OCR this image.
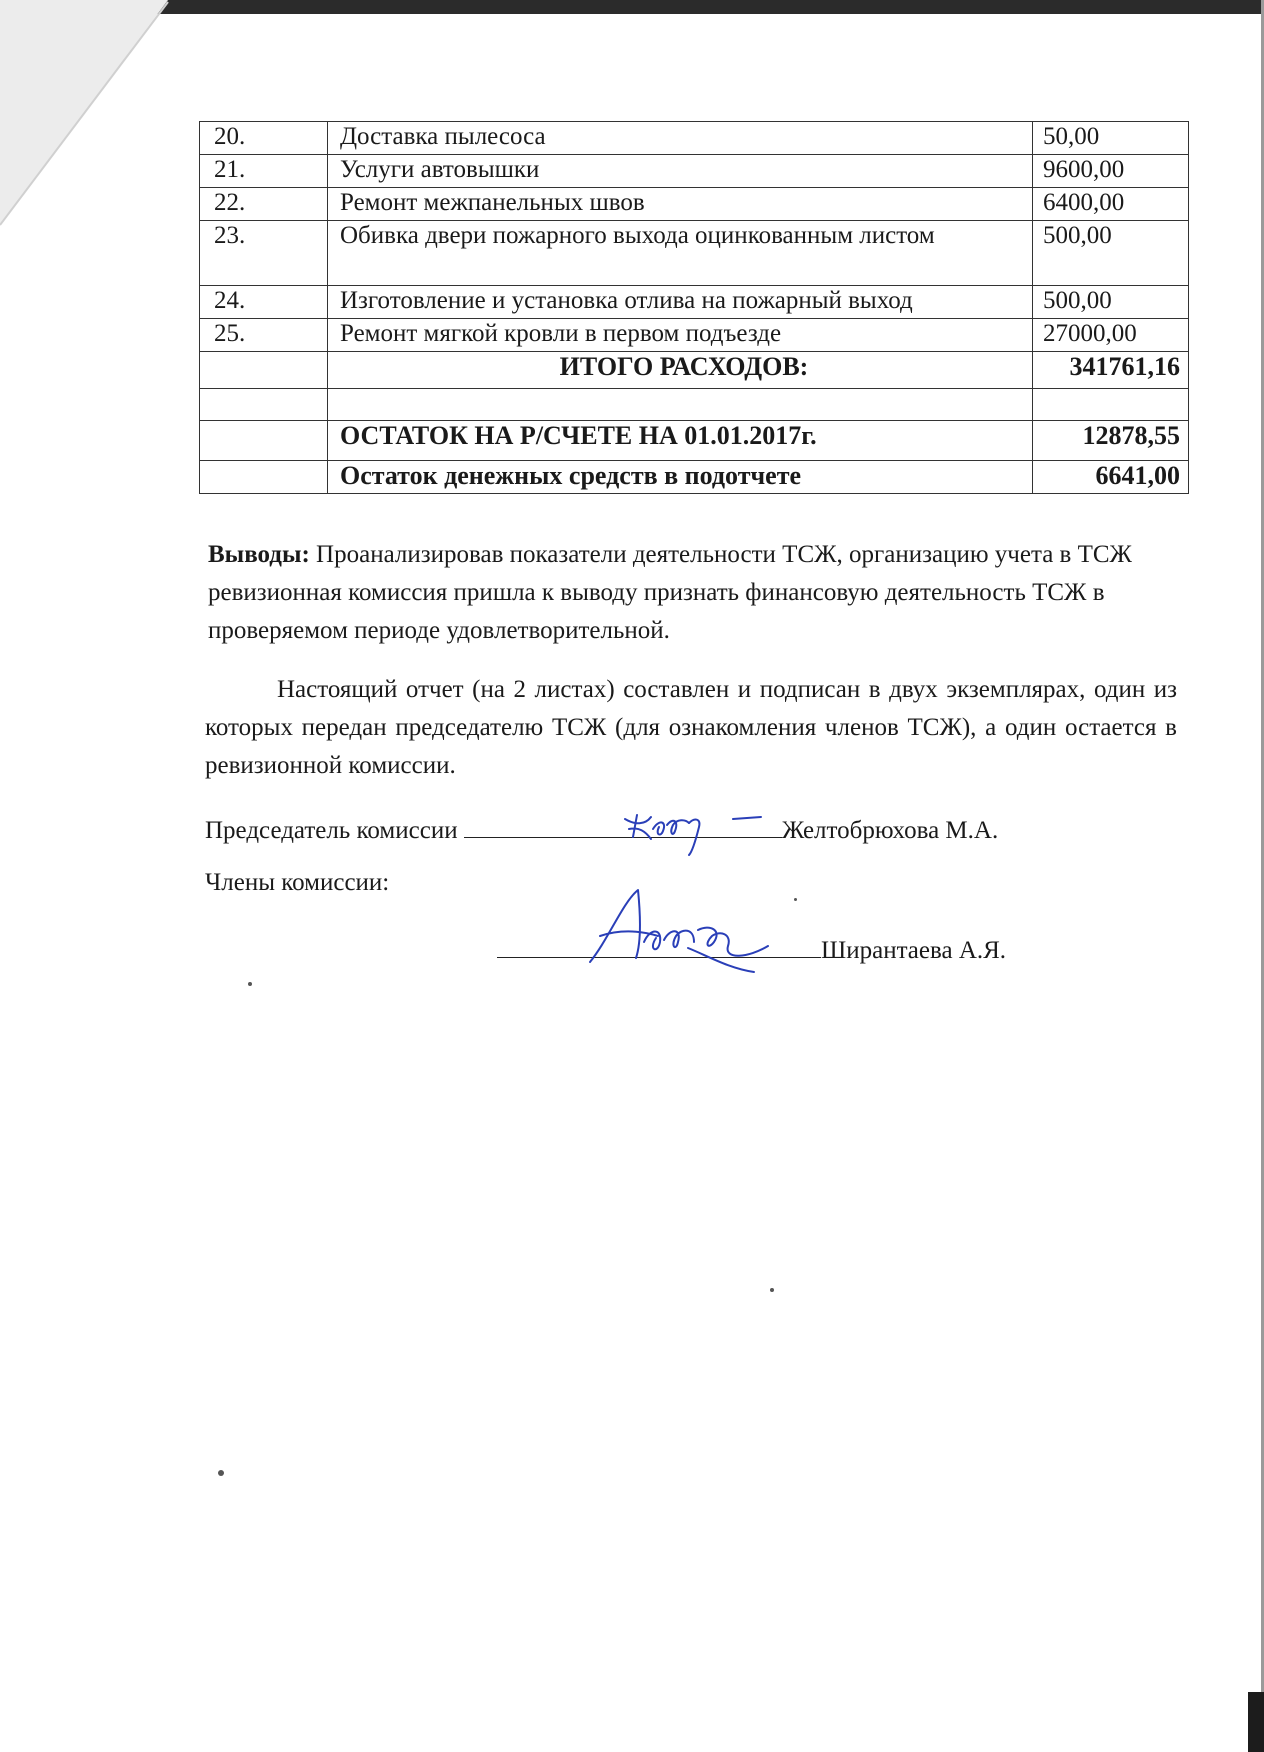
20.	Доставка пылесоса	50,00
21.	Услуги автовышки	9600,00
22.	Ремонт межпанельных швов	6400,00
23.	Обивка двери пожарного выхода оцинкованным листом	500,00
24.	Изготовление и установка отлива на пожарный выход	500,00
25.	Ремонт мягкой кровли в первом подъезде	27000,00
	ИТОГО РАСХОДОВ:	341761,16

	ОСТАТОК НА Р/СЧЕТЕ НА 01.01.2017г.	12878,55
	Остаток денежных средств в подотчете	6641,00
Выводы: Проанализировав показатели деятельности ТСЖ, организацию учета в ТСЖ ревизионная комиссия пришла к выводу признать финансовую деятельность ТСЖ в проверяемом периоде удовлетворительной.
Настоящий отчет (на 2 листах) составлен и подписан в двух экземплярах, один из которых передан председателю ТСЖ (для ознакомления членов ТСЖ), а один остается в ревизионной комиссии.
Председатель комиссии	Желтобрюхова М.А.
Члены комиссии:
Ширантаева А.Я.
